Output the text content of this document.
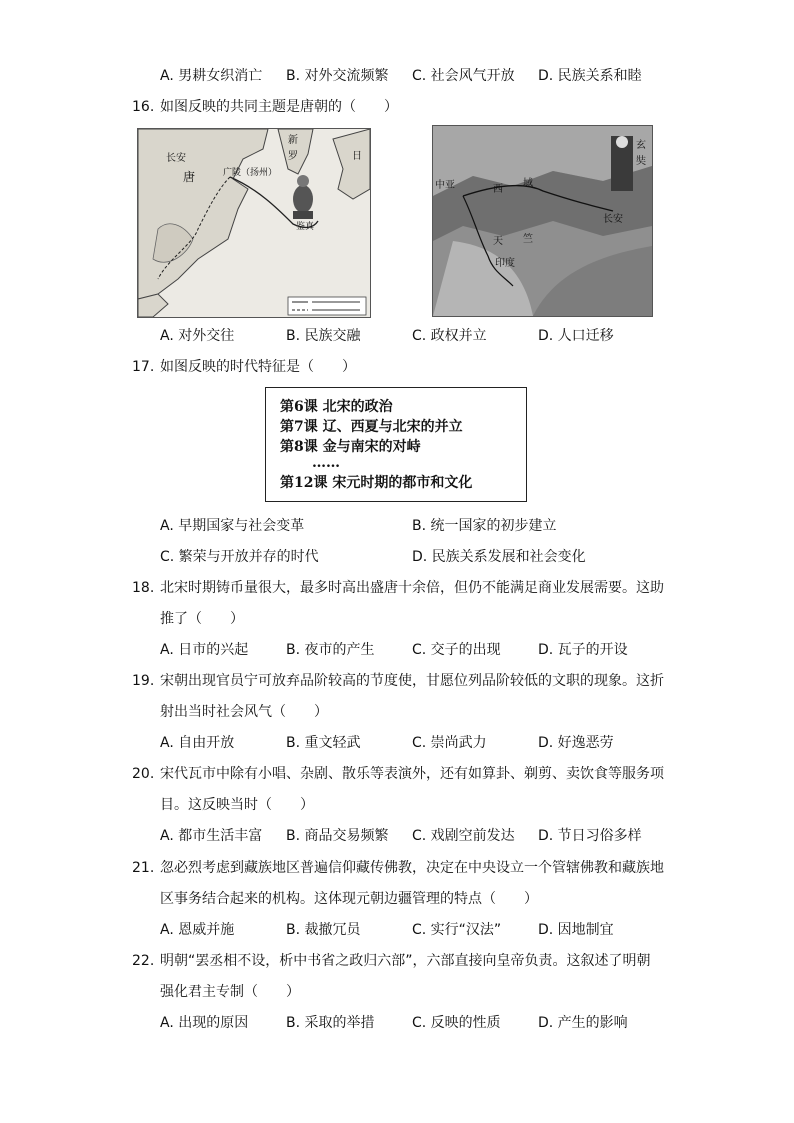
A. 男耕女织消亡 B. 对外交流频繁 C. 社会风气开放 D. 民族关系和睦
16. 如图反映的共同主题是唐朝的（　　）
长安
唐
新
罗	日
广陵（扬州）
鉴真
中亚	西
域
玄
奘
长安
天 竺
印度
A. 对外交往	B. 民族交融	C. 政权并立	D. 人口迁移
17. 如图反映的时代特征是（　　）
第6课 北宋的政治
第7课 辽、西夏与北宋的并立
第8课 金与南宋的对峙
……
第12课 宋元时期的都市和文化
A. 早期国家与社会变革	B. 统一国家的初步建立
C. 繁荣与开放并存的时代	D. 民族关系发展和社会变化
18. 北宋时期铸币量很大，最多时高出盛唐十余倍，但仍不能满足商业发展需要。这助
推了（　　）
A. 日市的兴起	B. 夜市的产生	C. 交子的出现	D. 瓦子的开设
19. 宋朝出现官员宁可放弃品阶较高的节度使，甘愿位列品阶较低的文职的现象。这折
射出当时社会风气（　　）
A. 自由开放	B. 重文轻武	C. 崇尚武力	D. 好逸恶劳
20. 宋代瓦市中除有小唱、杂剧、散乐等表演外，还有如算卦、剃剪、卖饮食等服务项
目。这反映当时（　　）
A. 都市生活丰富 B. 商品交易频繁 C. 戏剧空前发达 D. 节日习俗多样
21. 忽必烈考虑到藏族地区普遍信仰藏传佛教，决定在中央设立一个管辖佛教和藏族地
区事务结合起来的机构。这体现元朝边疆管理的特点（　　）
A. 恩威并施	B. 裁撤冗员	C. 实行“汉法”	D. 因地制宜
22. 明朝“罢丞相不设，析中书省之政归六部”，六部直接向皇帝负责。这叙述了明朝
强化君主专制（　　）
A. 出现的原因	B. 采取的举措	C. 反映的性质	D. 产生的影响
